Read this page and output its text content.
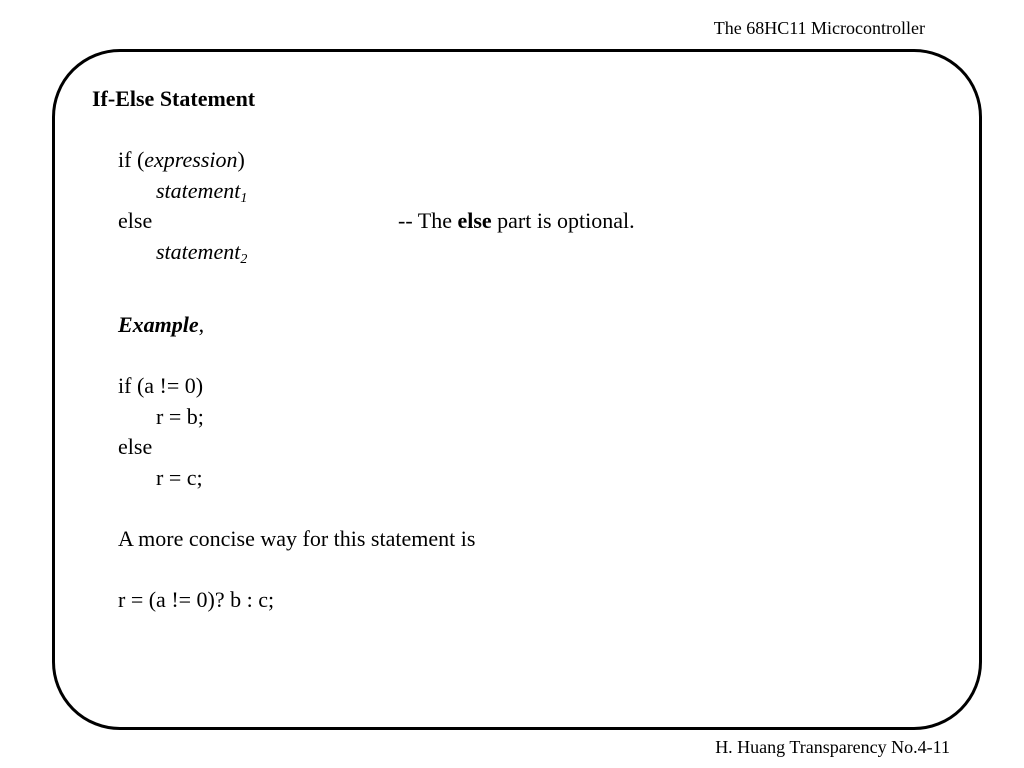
The 68HC11 Microcontroller
If-Else Statement
if (expression)
statement$_1$
else	-- The else part is optional.
statement$_2$
Example,
if (a != 0)
r = b;
else
r = c;
A more concise way for this statement is
r = (a != 0)? b : c;
H. Huang Transparency No.4-11
